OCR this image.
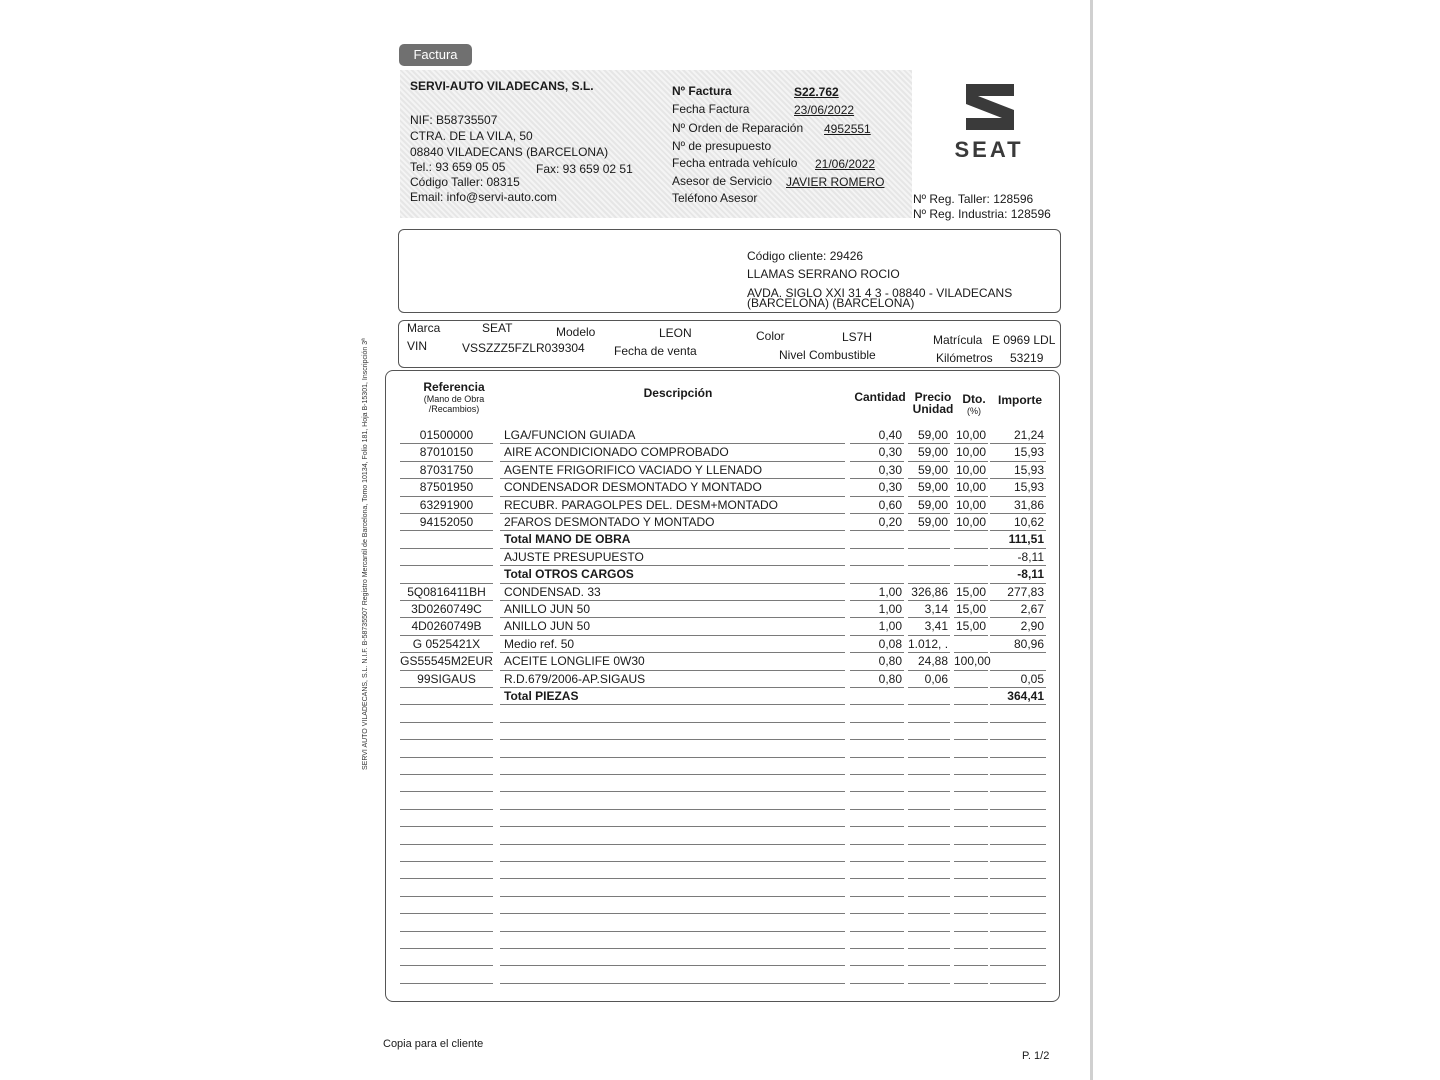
Factura
SERVI-AUTO VILADECANS, S.L.
NIF: B58735507
CTRA. DE LA VILA, 50
08840 VILADECANS (BARCELONA)
Tel.: 93 659 05 05	Fax: 93 659 02 51
Código Taller: 08315
Email: info@servi-auto.com
Nº Factura	S22.762
Fecha Factura	23/06/2022
Nº Orden de Reparación 4952551
Nº de presupuesto
Fecha entrada vehículo 21/06/2022
Asesor de Servicio JAVIER ROMERO
Teléfono Asesor
SEAT
Nº Reg. Taller: 128596
Nº Reg. Industria: 128596
Código cliente: 29426
LLAMAS SERRANO ROCIO
AVDA. SIGLO XXI 31 4 3 - 08840 - VILADECANS
(BARCELONA) (BARCELONA)
Marca	SEAT	Modelo	LEON	Color	LS7H	Matrícula E 0969 LDL
VIN	VSSZZZ5FZLR039304 Fecha de venta	Nivel Combustible	Kilómetros 53219
Referencia
(Mano de Obra /Recambios)
Descripción	Cantidad Precio Unidad
Dto.
(%)
Importe
01500000	LGA/FUNCION GUIADA	0,40	59,00 10,00	21,24
87010150	AIRE ACONDICIONADO COMPROBADO	0,30	59,00 10,00	15,93
87031750	AGENTE FRIGORIFICO VACIADO Y LLENADO	0,30	59,00 10,00	15,93
87501950	CONDENSADOR DESMONTADO Y MONTADO	0,30	59,00 10,00	15,93
63291900	RECUBR. PARAGOLPES DEL. DESM+MONTADO	0,60	59,00 10,00	31,86
94152050	2FAROS DESMONTADO Y MONTADO	0,20	59,00 10,00	10,62
Total MANO DE OBRA	111,51
AJUSTE PRESUPUESTO	-8,11
Total OTROS CARGOS	-8,11
5Q0816411BH	CONDENSAD. 33	1,00 326,86 15,00	277,83
3D0260749C	ANILLO JUN 50	1,00	3,14 15,00	2,67
4D0260749B	ANILLO JUN 50	1,00	3,41 15,00	2,90
G 0525421X	Medio ref. 50	0,08 1.012, .	80,96
GS55545M2EUR ACEITE LONGLIFE 0W30	0,80	24,88 100,00
99SIGAUS	R.D.679/2006-AP.SIGAUS	0,80	0,06	0,05
Total PIEZAS	364,41
SERVI AUTO VILADECANS, S.L. N.I.F. B-58735507 Registro Mercantil de Barcelona, Tomo 10134, Folio 181, Hoja B-15301, Inscripción 3ª
Copia para el cliente
P. 1/2
